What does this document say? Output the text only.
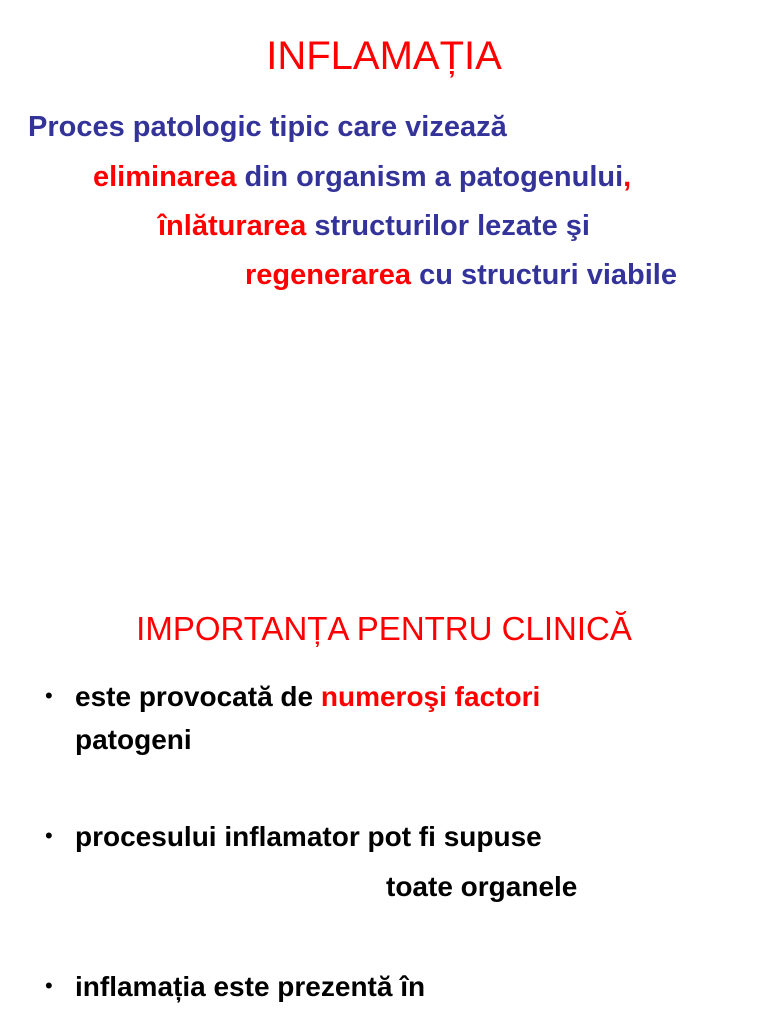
INFLAMAȚIA
Proces patologic tipic care vizează
eliminarea din organism a patogenului,
înlăturarea structurilor lezate şi
regenerarea cu structuri viabile
IMPORTANȚA PENTRU CLINICĂ
• este provocată de numeroşi factori
patogeni
• procesului inflamator pot fi supuse
toate organele
• inflamația este prezentă în
